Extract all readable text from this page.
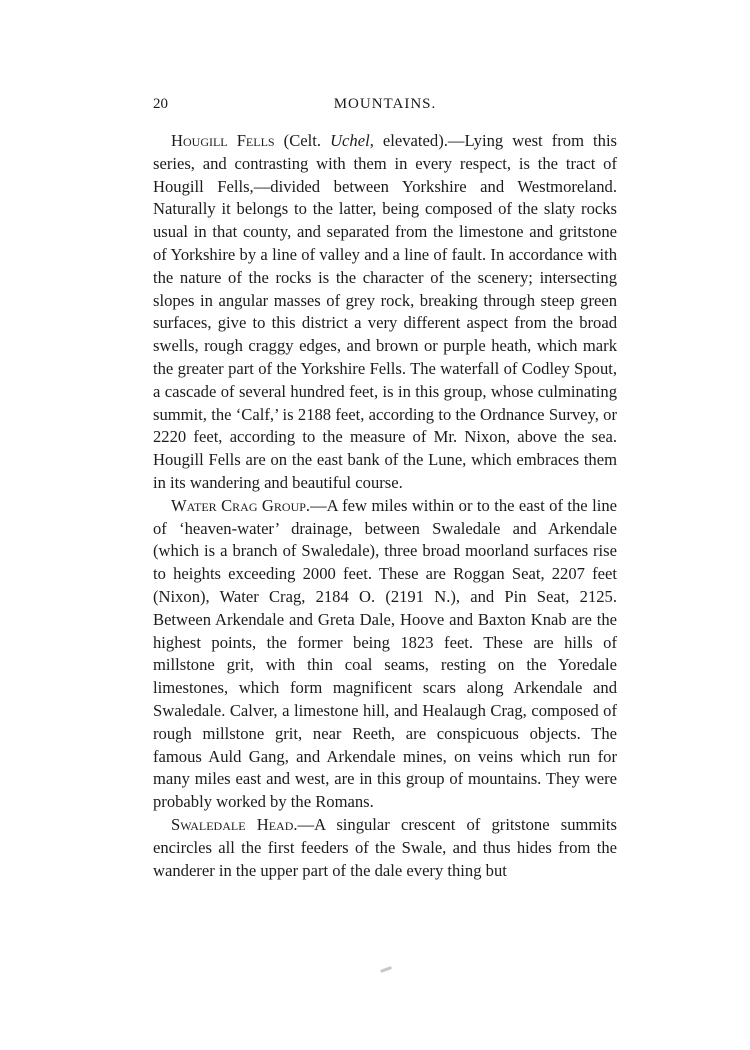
20	MOUNTAINS.

Hougill Fells (Celt. Uchel, elevated).—Lying west from this series, and contrasting with them in every respect, is the tract of Hougill Fells,—divided between Yorkshire and Westmoreland. Naturally it belongs to the latter, being composed of the slaty rocks usual in that county, and separated from the limestone and gritstone of Yorkshire by a line of valley and a line of fault. In accordance with the nature of the rocks is the character of the scenery; intersecting slopes in angular masses of grey rock, breaking through steep green surfaces, give to this district a very different aspect from the broad swells, rough craggy edges, and brown or purple heath, which mark the greater part of the Yorkshire Fells. The waterfall of Codley Spout, a cascade of several hundred feet, is in this group, whose culminating summit, the ‘Calf,’ is 2188 feet, according to the Ordnance Survey, or 2220 feet, according to the measure of Mr. Nixon, above the sea. Hougill Fells are on the east bank of the Lune, which embraces them in its wandering and beautiful course.

Water Crag Group.—A few miles within or to the east of the line of ‘heaven-water’ drainage, between Swaledale and Arkendale (which is a branch of Swaledale), three broad moorland surfaces rise to heights exceeding 2000 feet. These are Roggan Seat, 2207 feet (Nixon), Water Crag, 2184 O. (2191 N.), and Pin Seat, 2125. Between Arkendale and Greta Dale, Hoove and Baxton Knab are the highest points, the former being 1823 feet. These are hills of millstone grit, with thin coal seams, resting on the Yoredale limestones, which form magnificent scars along Arkendale and Swaledale. Calver, a limestone hill, and Healaugh Crag, composed of rough millstone grit, near Reeth, are conspicuous objects. The famous Auld Gang, and Arkendale mines, on veins which run for many miles east and west, are in this group of mountains. They were probably worked by the Romans.

Swaledale Head.—A singular crescent of gritstone summits encircles all the first feeders of the Swale, and thus hides from the wanderer in the upper part of the dale every thing but
